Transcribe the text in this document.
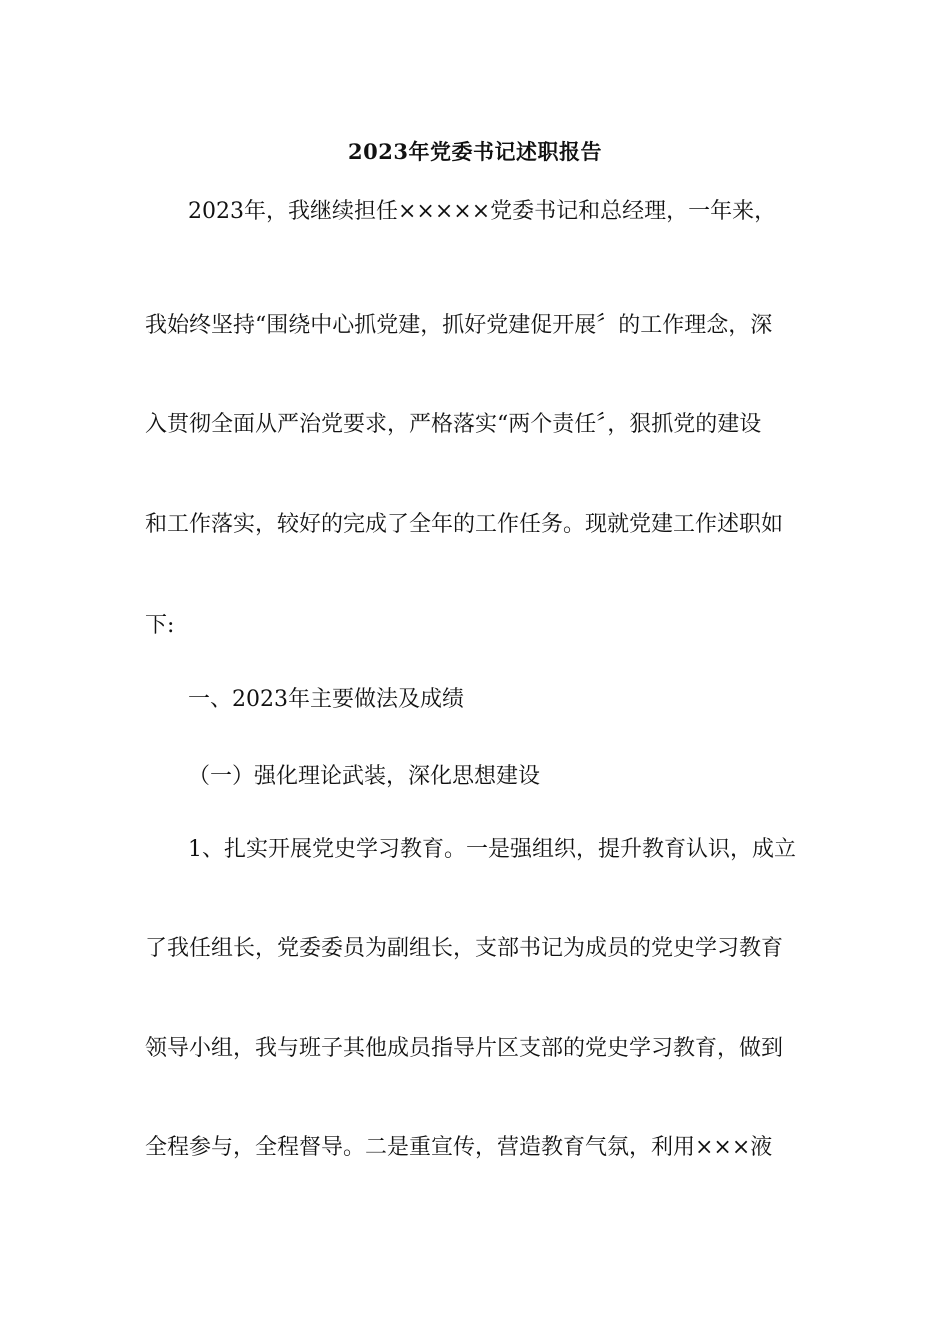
2023年党委书记述职报告
2023年，我继续担任×××××党委书记和总经理，一年来，
我始终坚持“围绕中心抓党建，抓好党建促开展〞的工作理念，深
入贯彻全面从严治党要求，严格落实“两个责任〞，狠抓党的建设
和工作落实，较好的完成了全年的工作任务。现就党建工作述职如
下:
一、2023年主要做法及成绩
（一）强化理论武装，深化思想建设
1、扎实开展党史学习教育。一是强组织，提升教育认识，成立
了我任组长，党委委员为副组长，支部书记为成员的党史学习教育
领导小组，我与班子其他成员指导片区支部的党史学习教育，做到
全程参与，全程督导。二是重宣传，营造教育气氛，利用×××液
